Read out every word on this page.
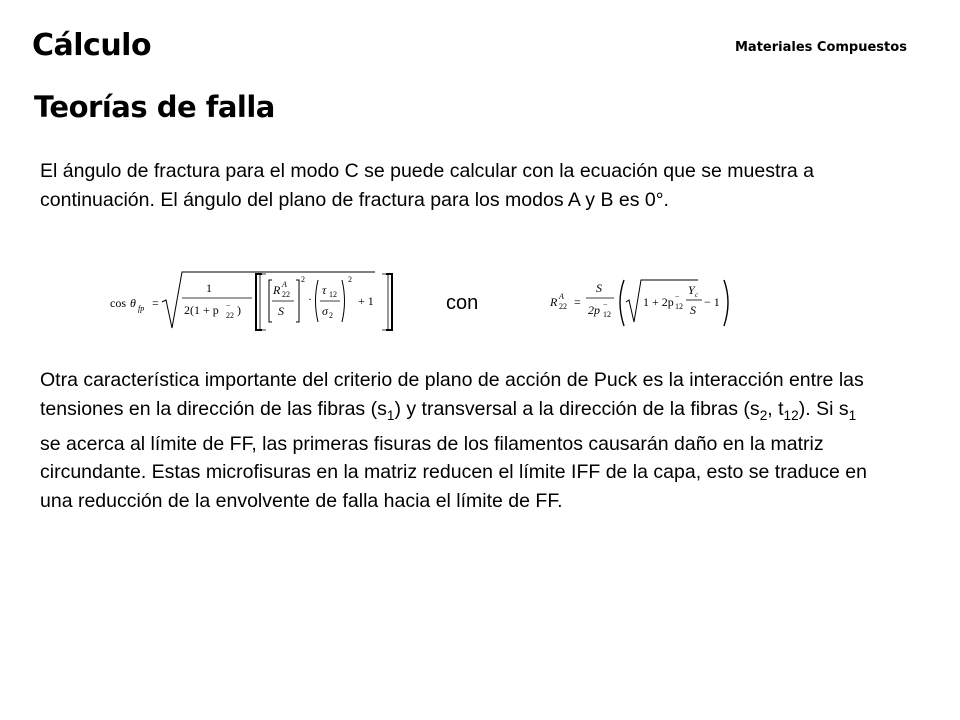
Cálculo	Materiales Compuestos
Teorías de falla
El ángulo de fractura para el modo C se puede calcular con la ecuación que se muestra a continuación. El ángulo del plano de fractura para los modos A y B es 0°.
cos θ fp =
1
2(1 + p 22
− )
R A
22
S
2
·
τ 12
σ 2
2
+ 1	con	R A
22 =
S
2p 12
−	1 + 2p 12
− Y c
S
− 1
Otra característica importante del criterio de plano de acción de Puck es la interacción entre las tensiones en la dirección de las fibras $(s_1)$ y transversal a la dirección de la fibras ($s_2$, $t_{12}$). Si $s_1$ se acerca al límite de FF, las primeras fisuras de los filamentos causarán daño en la matriz circundante. Estas microfisuras en la matriz reducen el límite IFF de la capa, esto se traduce en una reducción de la envolvente de falla hacia el límite de FF.
